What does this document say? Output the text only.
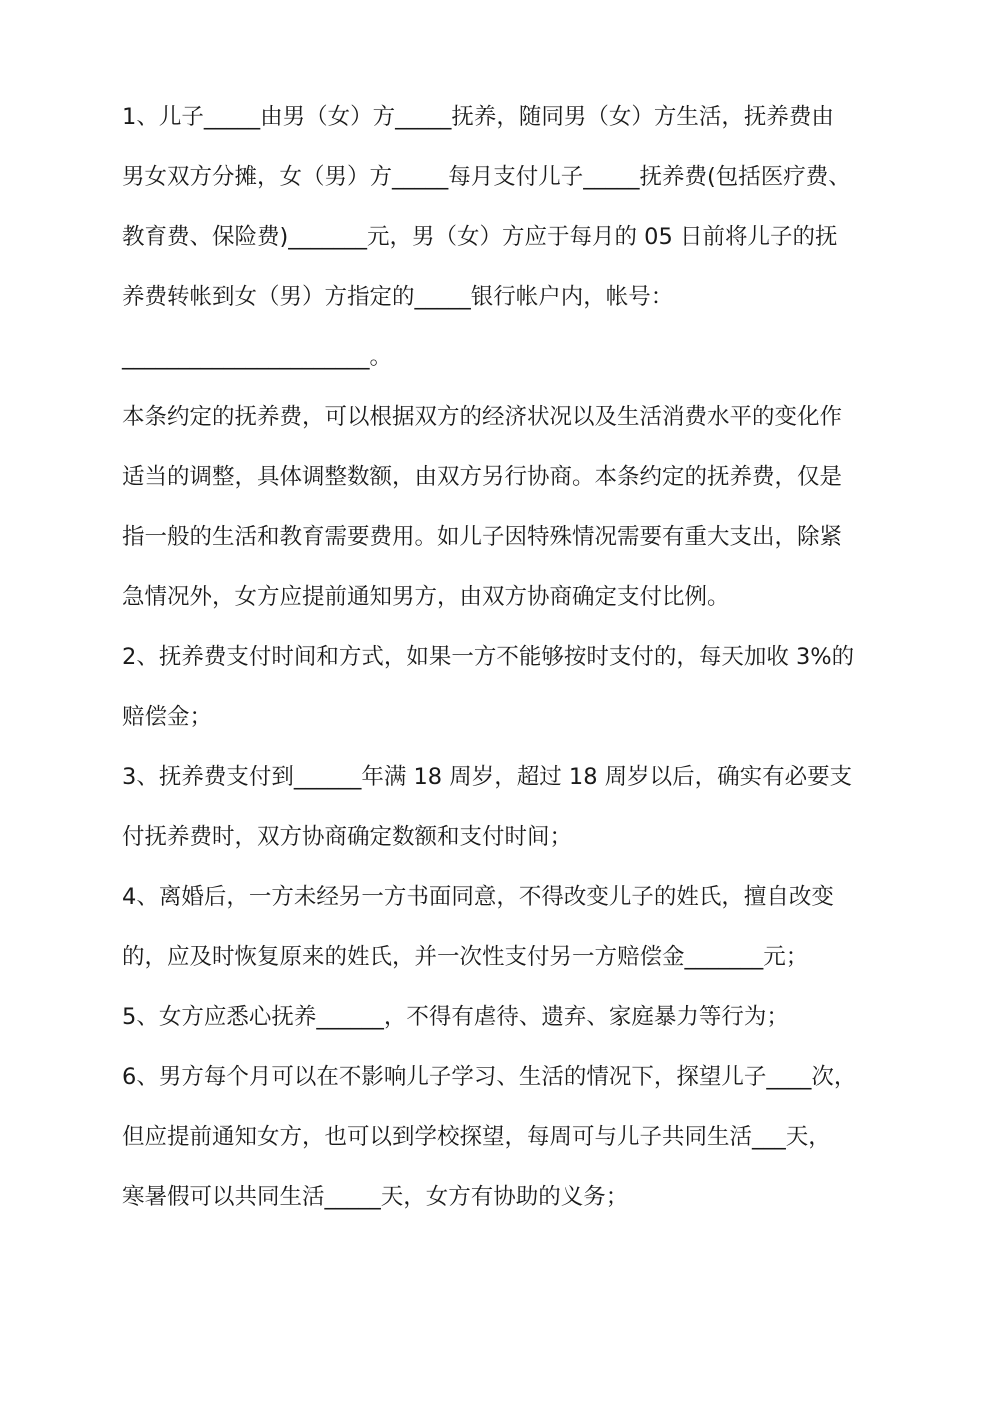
1、儿子_____由男（女）方_____抚养，随同男（女）方生活，抚养费由
男女双方分摊，女（男）方_____每月支付儿子_____抚养费(包括医疗费、
教育费、保险费)_______元，男（女）方应于每月的 05 日前将儿子的抚
养费转帐到女（男）方指定的_____银行帐户内，帐号：
______________________。
本条约定的抚养费，可以根据双方的经济状况以及生活消费水平的变化作
适当的调整，具体调整数额，由双方另行协商。本条约定的抚养费，仅是
指一般的生活和教育需要费用。如儿子因特殊情况需要有重大支出，除紧
急情况外，女方应提前通知男方，由双方协商确定支付比例。
2、抚养费支付时间和方式，如果一方不能够按时支付的，每天加收 3%的
赔偿金；
3、抚养费支付到______年满 18 周岁，超过 18 周岁以后，确实有必要支
付抚养费时，双方协商确定数额和支付时间；
4、离婚后，一方未经另一方书面同意，不得改变儿子的姓氏，擅自改变
的，应及时恢复原来的姓氏，并一次性支付另一方赔偿金_______元；
5、女方应悉心抚养______，不得有虐待、遗弃、家庭暴力等行为；
6、男方每个月可以在不影响儿子学习、生活的情况下，探望儿子____次，
但应提前通知女方，也可以到学校探望，每周可与儿子共同生活___天，
寒暑假可以共同生活_____天，女方有协助的义务；
